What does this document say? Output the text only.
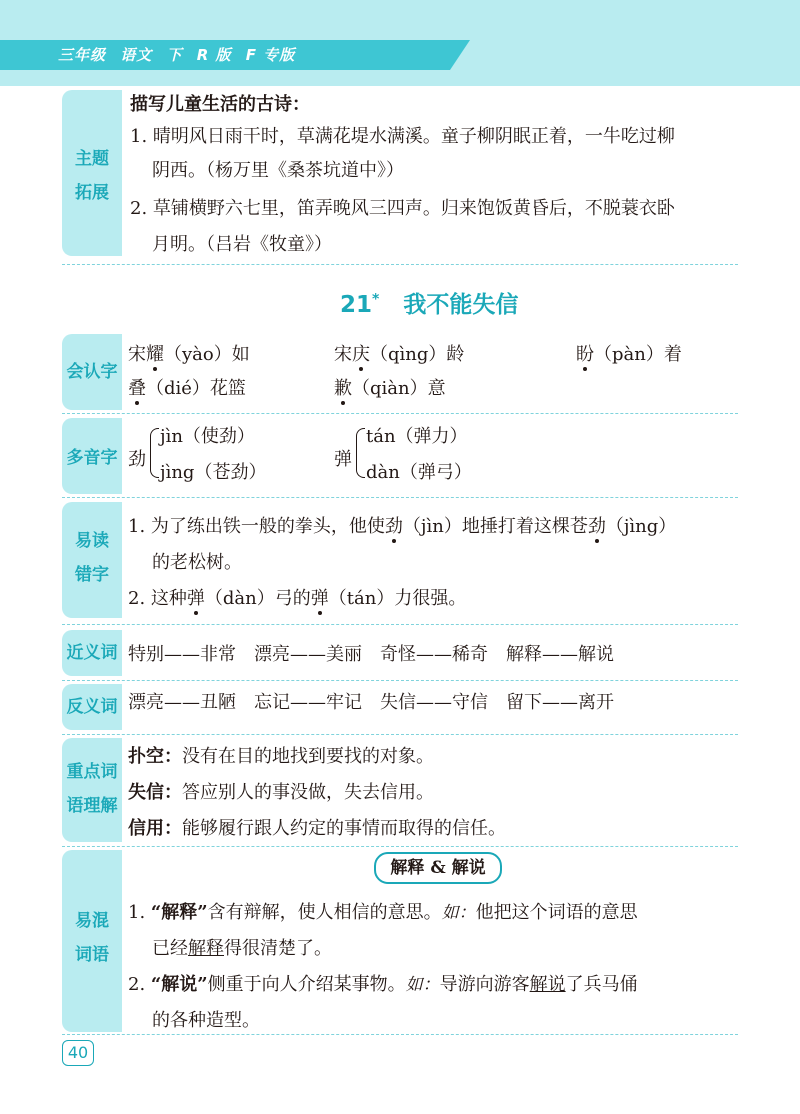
三年级 语文 下 R 版 F 专版
主题
拓展
描写儿童生活的古诗：
1. 晴明风日雨干时，草满花堤水满溪。童子柳阴眠正着，一牛吃过柳
阴西。（杨万里《桑茶坑道中》）
2. 草铺横野六七里，笛弄晚风三四声。归来饱饭黄昏后，不脱蓑衣卧
月明。（吕岩《牧童》）
21* 我不能失信
会认字
宋耀（yào）如	宋庆（qìng）龄	盼（pàn）着
叠（dié）花篮	歉（qiàn）意
多音字 劲
jìn（使劲）
jìng（苍劲）
弹
tán（弹力）
dàn（弹弓）
易读
错字
1. 为了练出铁一般的拳头，他使劲（jìn）地捶打着这棵苍劲（jìng）
的老松树。
2. 这种弹（dàn）弓的弹（tán）力很强。
近义词 特别——非常　漂亮——美丽　奇怪——稀奇　解释——解说
反义词 漂亮——丑陋　忘记——牢记　失信——守信　留下——离开
重点词
语理解
扑空：没有在目的地找到要找的对象。
失信：答应别人的事没做，失去信用。
信用：能够履行跟人约定的事情而取得的信任。
易混
词语
解释 & 解说
1. “解释”含有辩解，使人相信的意思。如：他把这个词语的意思
已经解释得很清楚了。
2. “解说”侧重于向人介绍某事物。如：导游向游客解说了兵马俑
的各种造型。
40
